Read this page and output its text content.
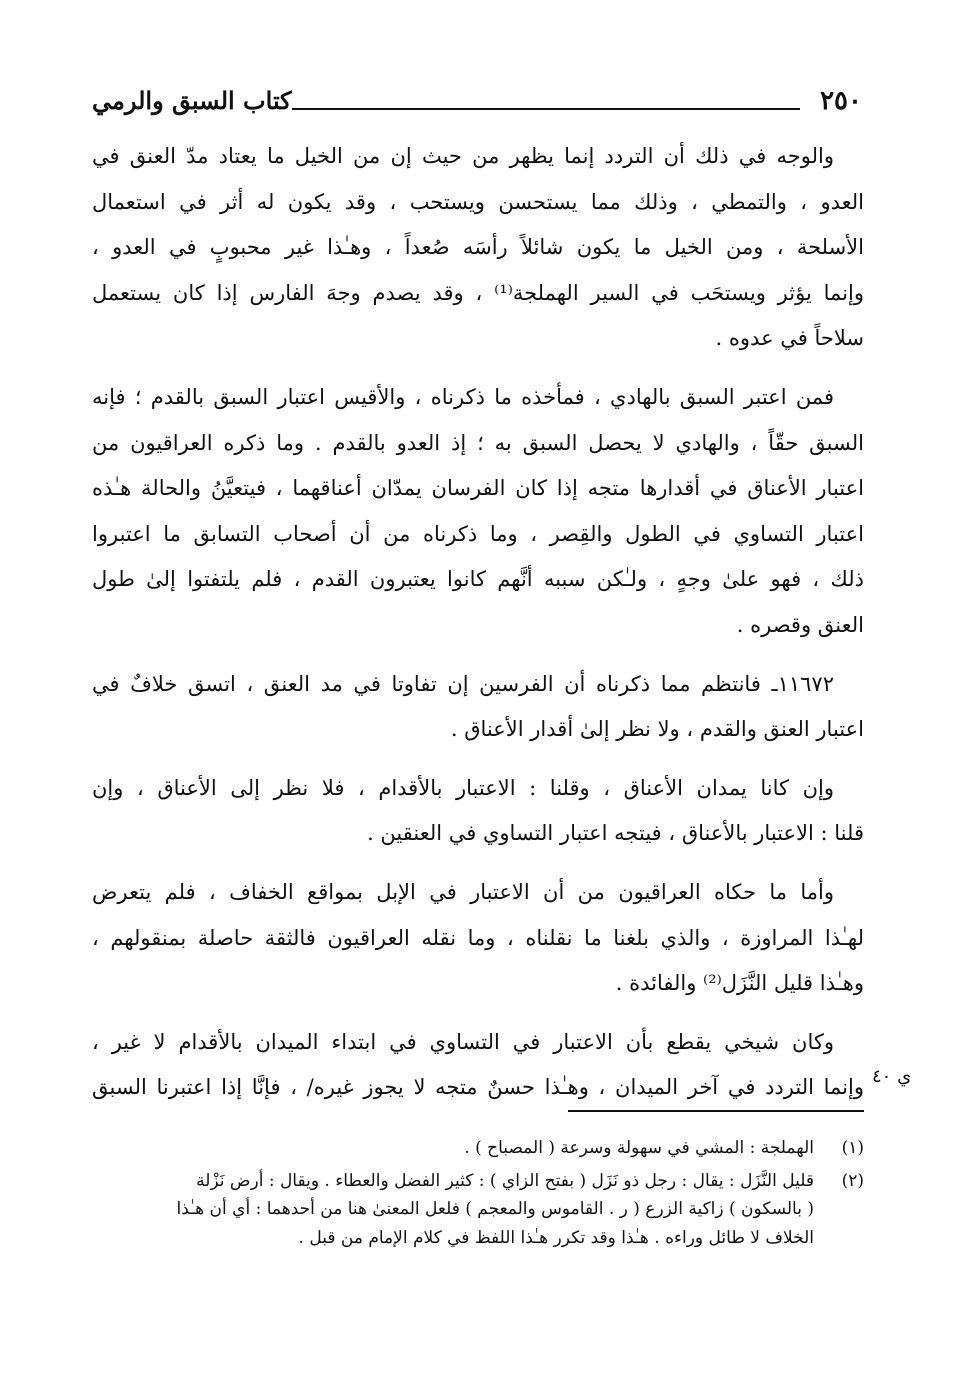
٢٥٠
كتاب السبق والرمي

والوجه في ذلك أن التردد إنما يظهر من حيث إن من الخيل ما يعتاد مدّ العنق في
العدو ، والتمطي ، وذلك مما يستحسن ويستحب ، وقد يكون له أثر في استعمال
الأسلحة ، ومن الخيل ما يكون شائلاً رأسَه صُعداً ، وهـٰذا غير محبوبٍ في العدو ،
وإنما يؤثر ويستحَب في السير الهملجة⁽¹⁾ ، وقد يصدم وجهَ الفارس إذا كان يستعمل
سلاحاً في عدوه .

فمن اعتبر السبق بالهادي ، فمأخذه ما ذكرناه ، والأقيس اعتبار السبق بالقدم ؛ فإنه
السبق حقّاً ، والهادي لا يحصل السبق به ؛ إذ العدو بالقدم . وما ذكره العراقيون من
اعتبار الأعناق في أقدارها متجه إذا كان الفرسان يمدّان أعناقهما ، فيتعيَّنُ والحالة هـٰذه
اعتبار التساوي في الطول والقِصر ، وما ذكرناه من أن أصحاب التسابق ما اعتبروا
ذلك ، فهو علىٰ وجهٍ ، ولـٰكن سببه أنَّهم كانوا يعتبرون القدم ، فلم يلتفتوا إلىٰ طول
العنق وقصره .

١١٦٧٢ـ فانتظم مما ذكرناه أن الفرسين إن تفاوتا في مد العنق ، اتسق خلافٌ في
اعتبار العنق والقدم ، ولا نظر إلىٰ أقدار الأعناق .

وإن كانا يمدان الأعناق ، وقلنا : الاعتبار بالأقدام ، فلا نظر إلى الأعناق ، وإن
قلنا : الاعتبار بالأعناق ، فيتجه اعتبار التساوي في العنقين .

وأما ما حكاه العراقيون من أن الاعتبار في الإبل بمواقع الخفاف ، فلم يتعرض
لهـٰذا المراوزة ، والذي بلغنا ما نقلناه ، وما نقله العراقيون فالثقة حاصلة بمنقولهم ،
وهـٰذا قليل النَّزَل⁽²⁾ والفائدة .

وكان شيخي يقطع بأن الاعتبار في التساوي في ابتداء الميدان بالأقدام لا غير ،
وإنما التردد في آخر الميدان ، وهـٰذا حسنٌ متجه لا يجوز غيره/ ، فإنَّا إذا اعتبرنا السبق ي ٤٠
(١)
الهملجة : المشي في سهولة وسرعة ( المصباح ) .
(٢)
قليل النَّزَل : يقال : رجل ذو نَزَل ( بفتح الزاي ) : كثير الفضل والعطاء . ويقال : أرض نَزْلة
( بالسكون ) زاكية الزرع ( ر . القاموس والمعجم ) فلعل المعنىٰ هنا من أحدهما : أي أن هـٰذا
الخلاف لا طائل وراءه . هـٰذا وقد تكرر هـٰذا اللفظ في كلام الإمام من قبل .
